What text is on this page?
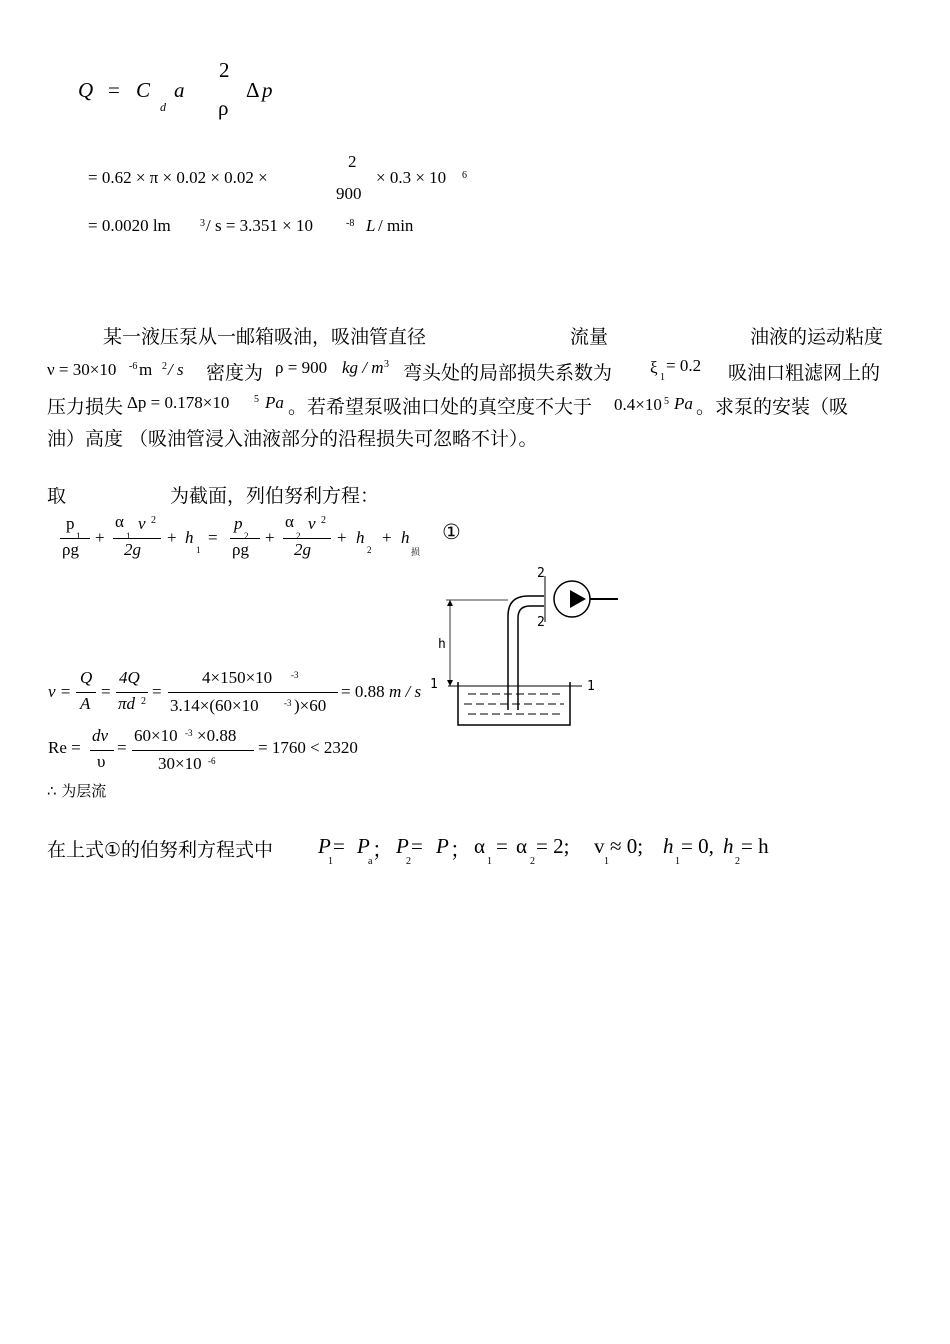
Q = C
d
a
2
ρ
Δ p
= 0.62 × π × 0.02 × 0.02 ×
2
900
× 0.3 × 10 6
= 0.0020 lm	3 / s = 3.351 × 10	-8 L / min
某一液压泵从一邮箱吸油，吸油管直径	流量	油液的运动粘度
ν = 30×10 -6 m 2 / s 密度为 ρ = 900 kg / m 3 弯头处的局部损失系数为 ξ
1
= 0.2 吸油口粗滤网上的
压力损失 Δp = 0.178×10 5 Pa 。若希望泵吸油口处的真空度不大于 0.4×10 5 Pa 。求泵的安装（吸
油）高度 （吸油管浸入油液部分的沿程损失可忽略不计）。
取	为截面，列伯努利方程：
p
1
ρg
+
α
1
v 2
2g
+ h
1
=
p
2
ρg
+
α
2
v 2
2g
+ h
2
+ h
损
①
v =
Q
A
=
4Q
πd 2
=
4×150×10 -3
3.14×(60×10	-3 )×60
= 0.88 m / s
Re =
dv
υ
=
60×10 -3 ×0.88
30×10 -6
= 1760 < 2320
∴ 为层流
在上式①的伯努利方程式中 P
1
= P
a ； P
2
= P ； α
1
= α
2
= 2; v
1
≈ 0; h
1
= 0, h
2
= h
2
2
h
1	1
